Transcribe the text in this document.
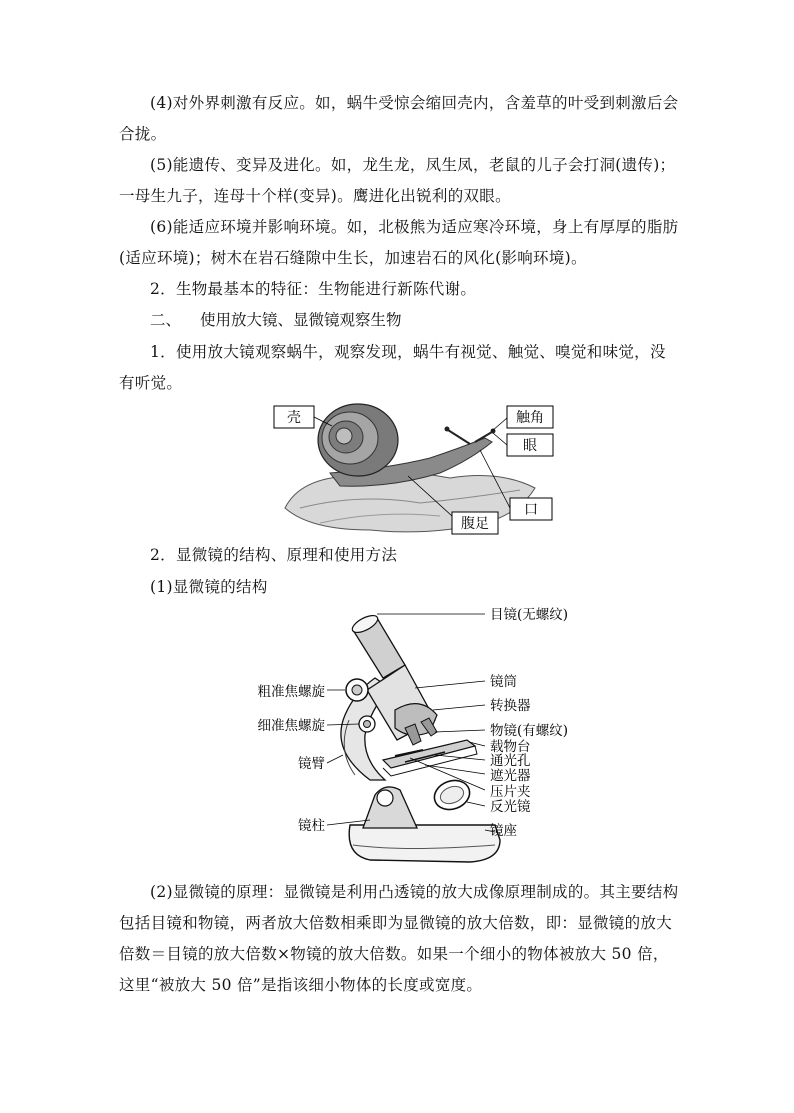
(4)对外界刺激有反应。如，蜗牛受惊会缩回壳内，含羞草的叶受到刺激后会合拢。

(5)能遗传、变异及进化。如，龙生龙，凤生凤，老鼠的儿子会打洞(遗传)；

一母生九子，连母十个样(变异)。鹰进化出锐利的双眼。

(6)能适应环境并影响环境。如，北极熊为适应寒冷环境，身上有厚厚的脂肪(适应环境)；树木在岩石缝隙中生长，加速岩石的风化(影响环境)。

2．生物最基本的特征：生物能进行新陈代谢。

二、 使用放大镜、显微镜观察生物

1．使用放大镜观察蜗牛，观察发现，蜗牛有视觉、触觉、嗅觉和味觉，没有听觉。

壳	触角
眼
口
腹足

2．显微镜的结构、原理和使用方法

(1)显微镜的结构

粗准焦螺旋
细准焦螺旋
镜臂
镜柱
目镜(无螺纹)
镜筒
转换器
物镜(有螺纹)
载物台
通光孔
遮光器
压片夹
反光镜
镜座

(2)显微镜的原理：显微镜是利用凸透镜的放大成像原理制成的。其主要结构包括目镜和物镜，两者放大倍数相乘即为显微镜的放大倍数，即：显微镜的放大倍数＝目镜的放大倍数×物镜的放大倍数。如果一个细小的物体被放大 50 倍，这里“被放大 50 倍”是指该细小物体的长度或宽度。
